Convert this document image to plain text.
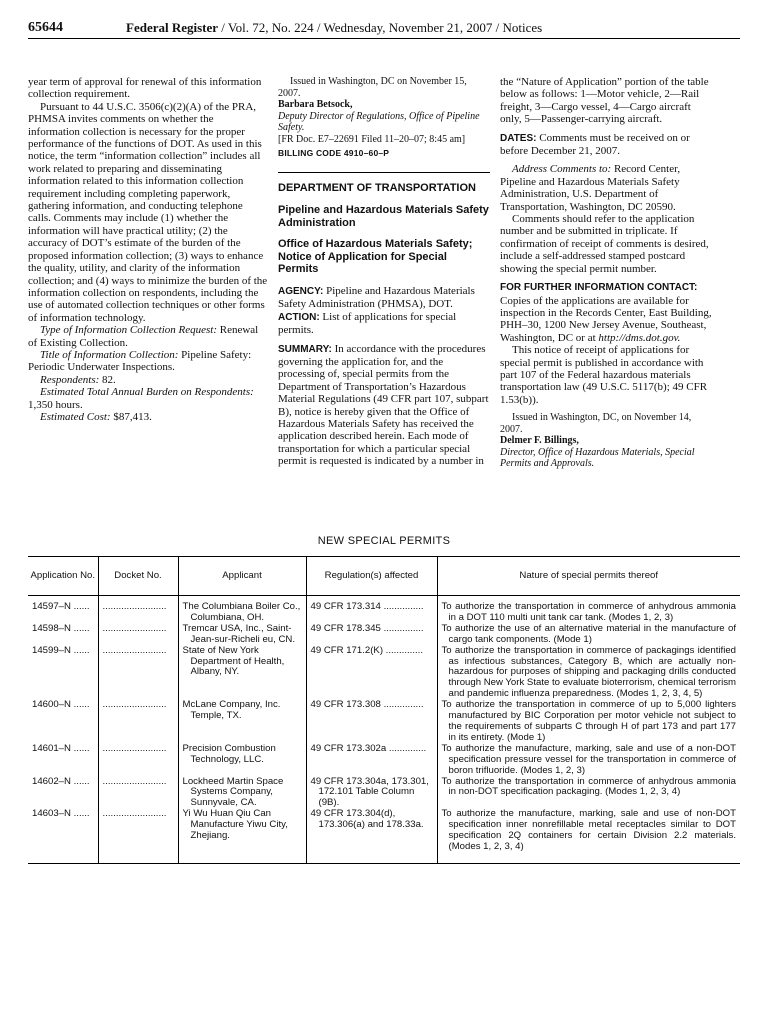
65644	Federal Register / Vol. 72, No. 224 / Wednesday, November 21, 2007 / Notices

year term of approval for renewal of this information collection requirement.

Pursuant to 44 U.S.C. 3506(c)(2)(A) of the PRA, PHMSA invites comments on whether the information collection is necessary for the proper performance of the functions of DOT. As used in this notice, the term “information collection” includes all work related to preparing and disseminating information related to this information collection requirement including completing paperwork, gathering information, and conducting telephone calls. Comments may include (1) whether the information will have practical utility; (2) the accuracy of DOT’s estimate of the burden of the proposed information collection; (3) ways to enhance the quality, utility, and clarity of the information collection; and (4) ways to minimize the burden of the information collection on respondents, including the use of automated collection techniques or other forms of information technology.

Type of Information Collection Request: Renewal of Existing Collection.

Title of Information Collection: Pipeline Safety: Periodic Underwater Inspections.

Respondents: 82.

Estimated Total Annual Burden on Respondents: 1,350 hours.

Estimated Cost: $87,413.

Issued in Washington, DC on November 15, 2007.

Barbara Betsock,

Deputy Director of Regulations, Office of Pipeline Safety.

[FR Doc. E7–22691 Filed 11–20–07; 8:45 am]

BILLING CODE 4910–60–P

DEPARTMENT OF TRANSPORTATION

Pipeline and Hazardous Materials Safety Administration

Office of Hazardous Materials Safety; Notice of Application for Special Permits

AGENCY: Pipeline and Hazardous Materials Safety Administration (PHMSA), DOT.

ACTION: List of applications for special permits.

SUMMARY: In accordance with the procedures governing the application for, and the processing of, special permits from the Department of Transportation’s Hazardous Material Regulations (49 CFR part 107, subpart B), notice is hereby given that the Office of Hazardous Materials Safety has received the application described herein. Each mode of transportation for which a particular special permit is requested is indicated by a number in

the “Nature of Application” portion of the table below as follows: 1—Motor vehicle, 2—Rail freight, 3—Cargo vessel, 4—Cargo aircraft only, 5—Passenger-carrying aircraft.

DATES: Comments must be received on or before December 21, 2007.

Address Comments to: Record Center, Pipeline and Hazardous Materials Safety Administration, U.S. Department of Transportation, Washington, DC 20590.

Comments should refer to the application number and be submitted in triplicate. If confirmation of receipt of comments is desired, include a self-addressed stamped postcard showing the special permit number.

FOR FURTHER INFORMATION CONTACT:
Copies of the applications are available for inspection in the Records Center, East Building, PHH–30, 1200 New Jersey Avenue, Southeast, Washington, DC or at http://dms.dot.gov.

This notice of receipt of applications for special permit is published in accordance with part 107 of the Federal hazardous materials transportation law (49 U.S.C. 5117(b); 49 CFR 1.53(b)).

Issued in Washington, DC, on November 14, 2007.

Delmer F. Billings,

Director, Office of Hazardous Materials, Special Permits and Approvals.

NEW SPECIAL PERMITS
Application No.	Docket No.	Applicant	Regulation(s) affected	Nature of special permits thereof
14597–N ......	........................	The Columbiana Boiler Co., Columbiana, OH.	49 CFR 173.314 ...............	To authorize the transportation in commerce of anhydrous ammonia in a DOT 110 multi unit tank car tank. (Modes 1, 2, 3)
14598–N ......	........................	Tremcar USA, Inc., Saint-Jean-sur-Richeli eu, CN.	49 CFR 178.345 ...............	To authorize the use of an alternative material in the manufacture of cargo tank components. (Mode 1)
14599–N ......	........................	State of New York Department of Health, Albany, NY.	49 CFR 171.2(K) ..............	To authorize the transportation in commerce of packagings identified as infectious substances, Category B, which are actually non-hazardous for purposes of shipping and packaging drills conducted through New York State to evaluate bioterrorism, chemical terrorism and pandemic influenza preparedness. (Modes 1, 2, 3, 4, 5)
14600–N ......	........................	McLane Company, Inc. Temple, TX.	49 CFR 173.308 ...............	To authorize the transportation in commerce of up to 5,000 lighters manufactured by BIC Corporation per motor vehicle not subject to the requirements of subparts C through H of part 173 and part 177 in its entirety. (Mode 1)
14601–N ......	........................	Precision Combustion Technology, LLC.	49 CFR 173.302a ..............	To authorize the manufacture, marking, sale and use of a non-DOT specification pressure vessel for the transportation in commerce of boron trifluoride. (Modes 1, 2, 3)
14602–N ......	........................	Lockheed Martin Space Systems Company, Sunnyvale, CA.	49 CFR 173.304a, 173.301, 172.101 Table Column (9B).	To authorize the transportation in commerce of anhydrous ammonia in non-DOT specification packaging. (Modes 1, 2, 3, 4)
14603–N ......	........................	Yi Wu Huan Qiu Can Manufacture Yiwu City, Zhejiang.	49 CFR 173.304(d), 173.306(a) and 178.33a.	To authorize the manufacture, marking, sale and use of non-DOT specification inner nonrefillable metal receptacles similar to DOT specification 2Q containers for certain Division 2.2 materials. (Modes 1, 2, 3, 4)
